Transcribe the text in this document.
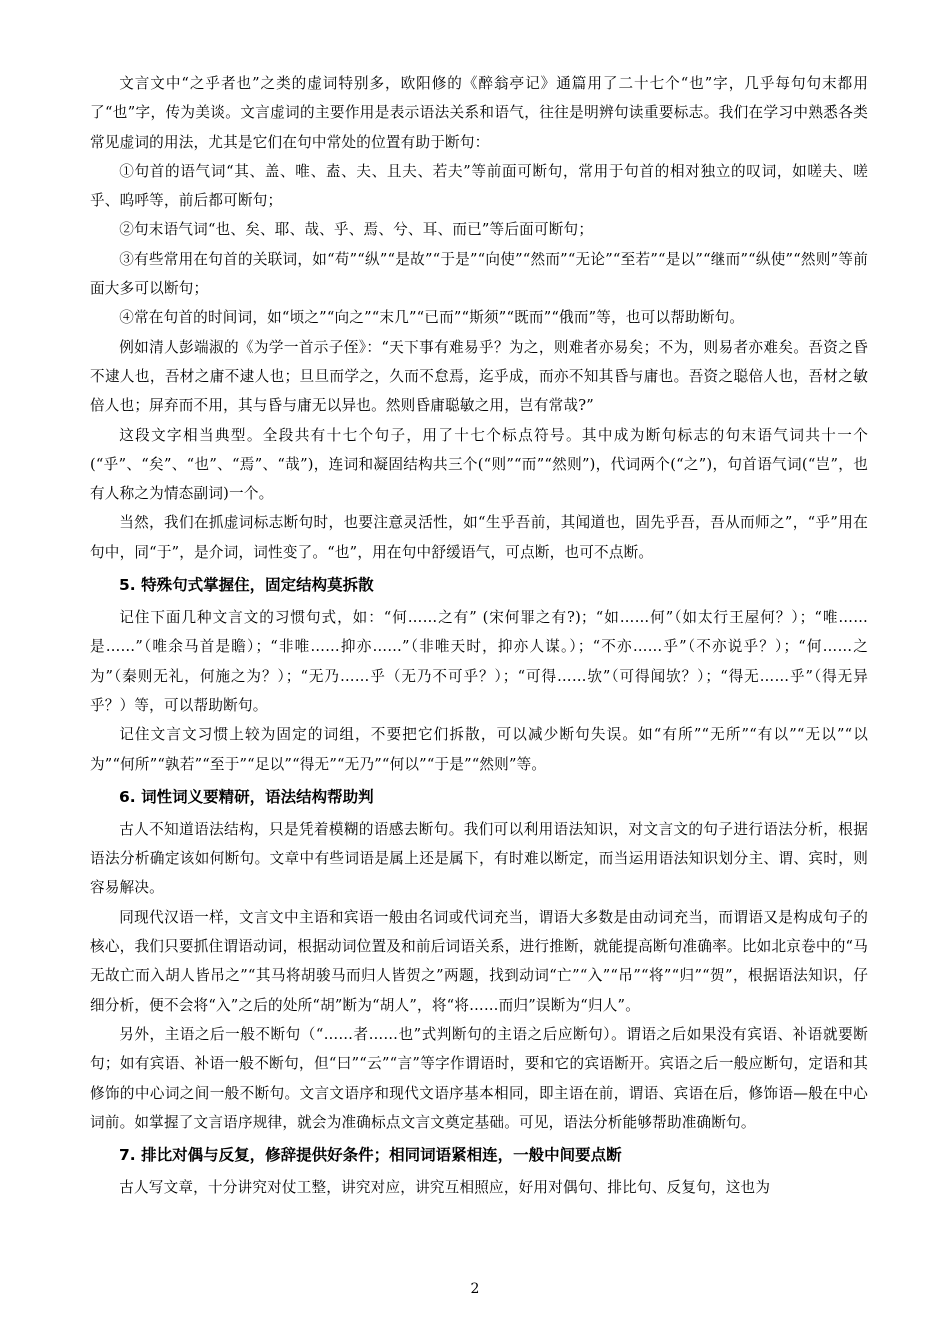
文言文中“之乎者也”之类的虚词特别多，欧阳修的《醉翁亭记》通篇用了二十七个“也”字，几乎每句句末都用了“也”字，传为美谈。文言虚词的主要作用是表示语法关系和语气，往往是明辨句读重要标志。我们在学习中熟悉各类常见虚词的用法，尤其是它们在句中常处的位置有助于断句：

①句首的语气词“其、盖、唯、盍、夫、且夫、若夫”等前面可断句，常用于句首的相对独立的叹词，如嗟夫、嗟乎、呜呼等，前后都可断句；

②句末语气词“也、矣、耶、哉、乎、焉、兮、耳、而已”等后面可断句；

③有些常用在句首的关联词，如“苟”“纵”“是故”“于是”“向使”“然而”“无论”“至若”“是以”“继而”“纵使”“然则”等前面大多可以断句；

④常在句首的时间词，如“顷之”“向之”“末几”“已而”“斯须”“既而”“俄而”等，也可以帮助断句。

例如清人彭端淑的《为学一首示子侄》：“天下事有难易乎？为之，则难者亦易矣；不为，则易者亦难矣。吾资之昏不逮人也，吾材之庸不逮人也；旦旦而学之，久而不怠焉，迄乎成，而亦不知其昏与庸也。吾资之聪倍人也，吾材之敏倍人也；屏弃而不用，其与昏与庸无以异也。然则昏庸聪敏之用，岂有常哉?”

这段文字相当典型。全段共有十七个句子，用了十七个标点符号。其中成为断句标志的句末语气词共十一个(“乎”、“矣”、“也”、“焉”、“哉”)，连词和凝固结构共三个(“则”“而”“然则”)，代词两个(“之”)，句首语气词(“岂”，也有人称之为情态副词)一个。

当然，我们在抓虚词标志断句时，也要注意灵活性，如“生乎吾前，其闻道也，固先乎吾，吾从而师之”，“乎”用在句中，同“于”，是介词，词性变了。“也”，用在句中舒缓语气，可点断，也可不点断。

5. 特殊句式掌握住，固定结构莫拆散

记住下面几种文言文的习惯句式，如：“何……之有” (宋何罪之有?)；“如……何”（如太行王屋何？）；“唯……是……”（唯余马首是瞻）；“非唯……抑亦……”（非唯天时，抑亦人谋。）；“不亦……乎”（不亦说乎？）；“何……之为”（秦则无礼，何施之为？）；“无乃……乎（无乃不可乎？）；“可得……欤”（可得闻欤？）；“得无……乎”（得无异乎？）等，可以帮助断句。

记住文言文习惯上较为固定的词组，不要把它们拆散，可以减少断句失误。如“有所”“无所”“有以”“无以”“以为”“何所”“孰若”“至于”“足以”“得无”“无乃”“何以”“于是”“然则”等。

6. 词性词义要精研，语法结构帮助判

古人不知道语法结构，只是凭着模糊的语感去断句。我们可以利用语法知识，对文言文的句子进行语法分析，根据语法分析确定该如何断句。文章中有些词语是属上还是属下，有时难以断定，而当运用语法知识划分主、谓、宾时，则容易解决。

同现代汉语一样，文言文中主语和宾语一般由名词或代词充当，谓语大多数是由动词充当，而谓语又是构成句子的核心，我们只要抓住谓语动词，根据动词位置及和前后词语关系，进行推断，就能提高断句准确率。比如北京卷中的“马无故亡而入胡人皆吊之”“其马将胡骏马而归人皆贺之”两题，找到动词“亡”“入”“吊”“将”“归”“贺”，根据语法知识，仔细分析，便不会将“入”之后的处所“胡”断为“胡人”，将“将……而归”误断为“归人”。

另外，主语之后一般不断句（“……者……也”式判断句的主语之后应断句）。谓语之后如果没有宾语、补语就要断句；如有宾语、补语一般不断句，但“曰”“云”“言”等字作谓语时，要和它的宾语断开。宾语之后一般应断句，定语和其修饰的中心词之间一般不断句。文言文语序和现代文语序基本相同，即主语在前，谓语、宾语在后，修饰语—般在中心词前。如掌握了文言语序规律，就会为准确标点文言文奠定基础。可见，语法分析能够帮助准确断句。

7. 排比对偶与反复，修辞提供好条件；相同词语紧相连，一般中间要点断

古人写文章，十分讲究对仗工整，讲究对应，讲究互相照应，好用对偶句、排比句、反复句，这也为

2
